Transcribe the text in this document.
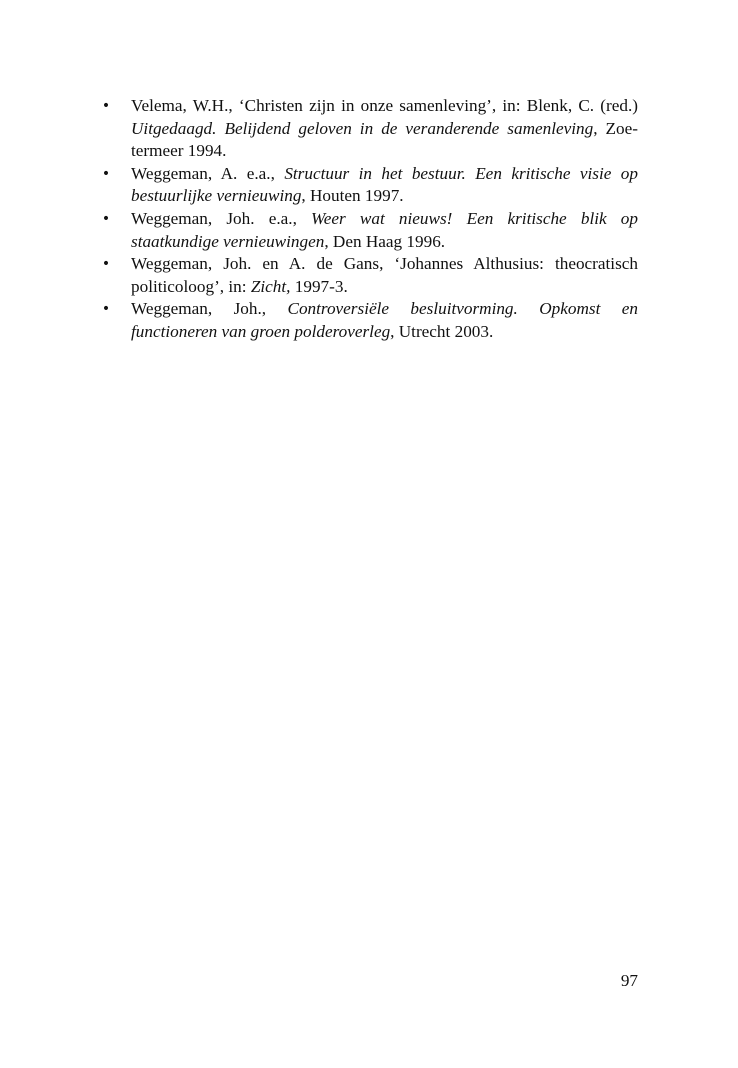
•	Velema, W.H., ‘Christen zijn in onze samenleving’, in: Blenk, C. (red.) Uitgedaagd. Belijdend geloven in de veranderende samenleving, Zoetermeer 1994.
•	Weggeman, A. e.a., Structuur in het bestuur. Een kritische visie op bestuurlijke vernieuwing, Houten 1997.
•	Weggeman, Joh. e.a., Weer wat nieuws! Een kritische blik op staatkundige vernieuwingen, Den Haag 1996.
•	Weggeman, Joh. en A. de Gans, ‘Johannes Althusius: theocratisch politicoloog’, in: Zicht, 1997-3.
•	Weggeman, Joh., Controversiële besluitvorming. Opkomst en functioneren van groen polderoverleg, Utrecht 2003.
97
